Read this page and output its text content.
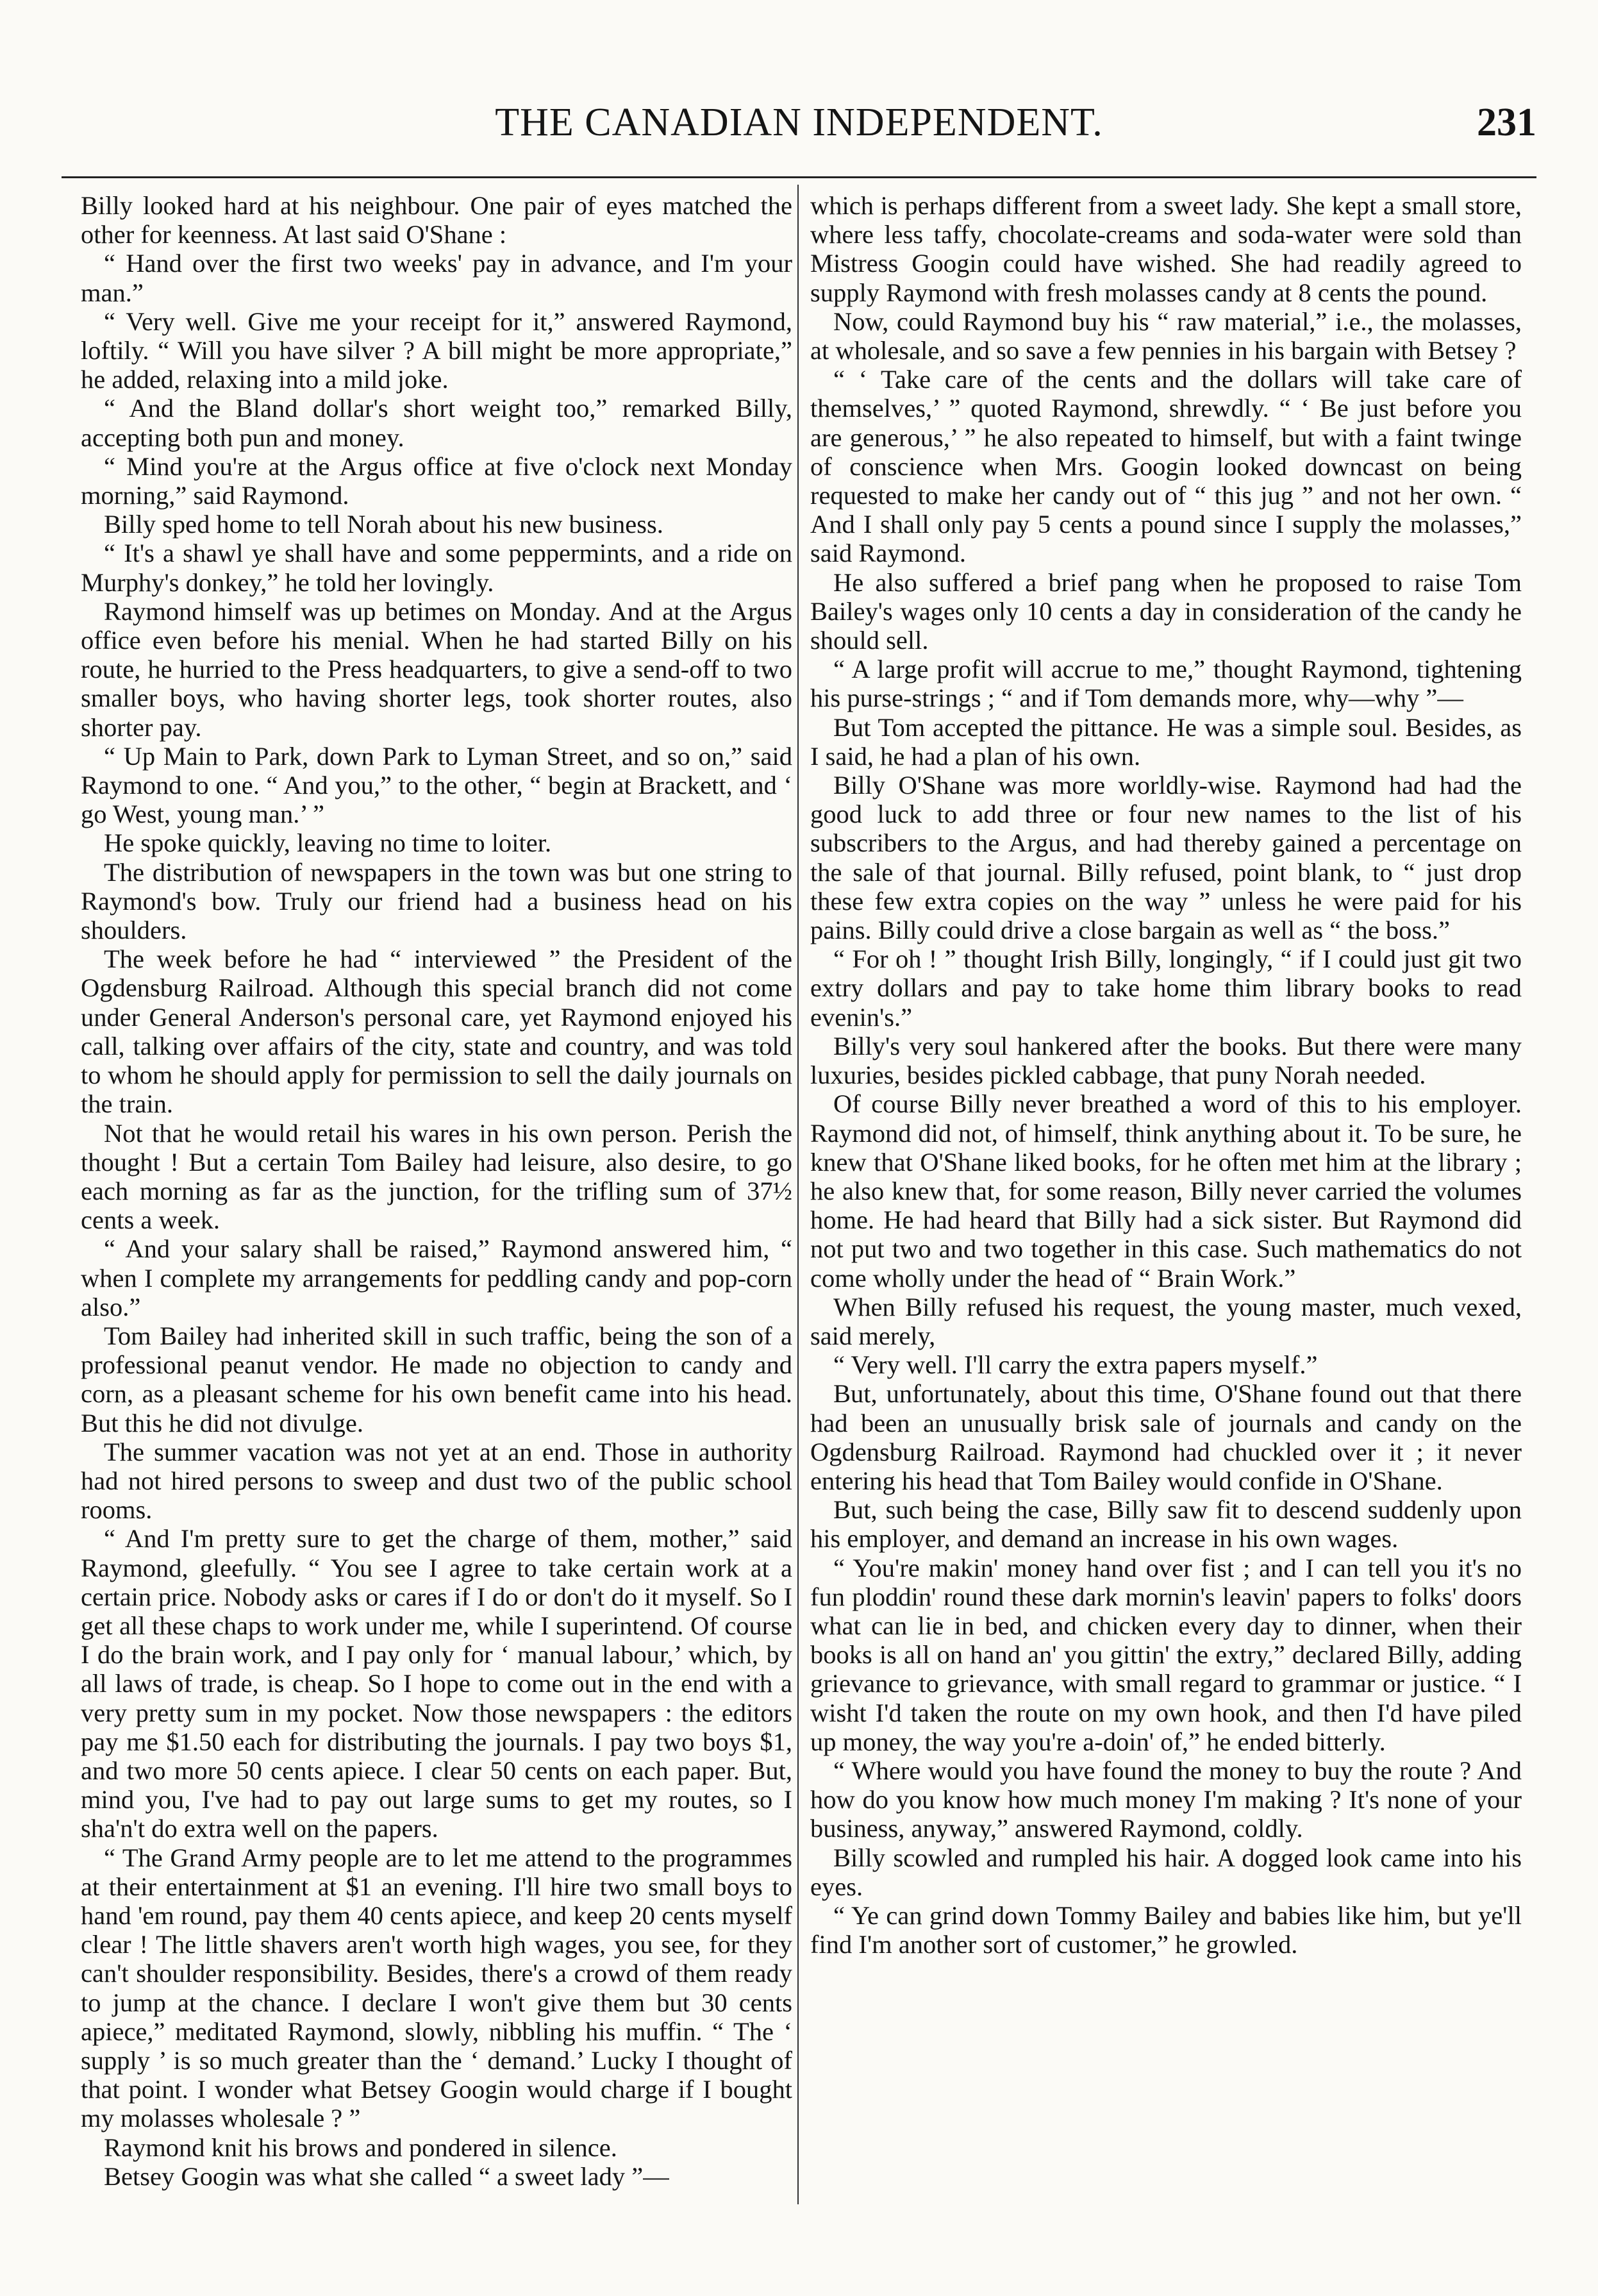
THE CANADIAN INDEPENDENT.	231

Billy looked hard at his neighbour. One pair of eyes matched the other for keenness. At last said O'Shane :

“ Hand over the first two weeks' pay in advance, and I'm your man.”

“ Very well. Give me your receipt for it,” answered Raymond, loftily. “ Will you have silver ? A bill might be more appropriate,” he added, relaxing into a mild joke.

“ And the Bland dollar's short weight too,” remarked Billy, accepting both pun and money.

“ Mind you're at the Argus office at five o'clock next Monday morning,” said Raymond.

Billy sped home to tell Norah about his new business.

“ It's a shawl ye shall have and some peppermints, and a ride on Murphy's donkey,” he told her lovingly.

Raymond himself was up betimes on Monday. And at the Argus office even before his menial. When he had started Billy on his route, he hurried to the Press headquarters, to give a send-off to two smaller boys, who having shorter legs, took shorter routes, also shorter pay.

“ Up Main to Park, down Park to Lyman Street, and so on,” said Raymond to one. “ And you,” to the other, “ begin at Brackett, and ‘ go West, young man.’ ”

He spoke quickly, leaving no time to loiter.

The distribution of newspapers in the town was but one string to Raymond's bow. Truly our friend had a business head on his shoulders.

The week before he had “ interviewed ” the President of the Ogdensburg Railroad. Although this special branch did not come under General Anderson's personal care, yet Raymond enjoyed his call, talking over affairs of the city, state and country, and was told to whom he should apply for permission to sell the daily journals on the train.

Not that he would retail his wares in his own person. Perish the thought ! But a certain Tom Bailey had leisure, also desire, to go each morning as far as the junction, for the trifling sum of 37½ cents a week.

“ And your salary shall be raised,” Raymond answered him, “ when I complete my arrangements for peddling candy and pop-corn also.”

Tom Bailey had inherited skill in such traffic, being the son of a professional peanut vendor. He made no objection to candy and corn, as a pleasant scheme for his own benefit came into his head. But this he did not divulge.

The summer vacation was not yet at an end. Those in authority had not hired persons to sweep and dust two of the public school rooms.

“ And I'm pretty sure to get the charge of them, mother,” said Raymond, gleefully. “ You see I agree to take certain work at a certain price. Nobody asks or cares if I do or don't do it myself. So I get all these chaps to work under me, while I superintend. Of course I do the brain work, and I pay only for ‘ manual labour,’ which, by all laws of trade, is cheap. So I hope to come out in the end with a very pretty sum in my pocket. Now those newspapers : the editors pay me $1.50 each for distributing the journals. I pay two boys $1, and two more 50 cents apiece. I clear 50 cents on each paper. But, mind you, I've had to pay out large sums to get my routes, so I sha'n't do extra well on the papers.

“ The Grand Army people are to let me attend to the programmes at their entertainment at $1 an evening. I'll hire two small boys to hand 'em round, pay them 40 cents apiece, and keep 20 cents myself clear ! The little shavers aren't worth high wages, you see, for they can't shoulder responsibility. Besides, there's a crowd of them ready to jump at the chance. I declare I won't give them but 30 cents apiece,” meditated Raymond, slowly, nibbling his muffin. “ The ‘ supply ’ is so much greater than the ‘ demand.’ Lucky I thought of that point. I wonder what Betsey Googin would charge if I bought my molasses wholesale ? ”

Raymond knit his brows and pondered in silence.

Betsey Googin was what she called “ a sweet lady ”—

which is perhaps different from a sweet lady. She kept a small store, where less taffy, chocolate-creams and soda-water were sold than Mistress Googin could have wished. She had readily agreed to supply Raymond with fresh molasses candy at 8 cents the pound.

Now, could Raymond buy his “ raw material,” i.e., the molasses, at wholesale, and so save a few pennies in his bargain with Betsey ?

“ ‘ Take care of the cents and the dollars will take care of themselves,’ ” quoted Raymond, shrewdly. “ ‘ Be just before you are generous,’ ” he also repeated to himself, but with a faint twinge of conscience when Mrs. Googin looked downcast on being requested to make her candy out of “ this jug ” and not her own. “ And I shall only pay 5 cents a pound since I supply the molasses,” said Raymond.

He also suffered a brief pang when he proposed to raise Tom Bailey's wages only 10 cents a day in consideration of the candy he should sell.

“ A large profit will accrue to me,” thought Raymond, tightening his purse-strings ; “ and if Tom demands more, why—why ”—

But Tom accepted the pittance. He was a simple soul. Besides, as I said, he had a plan of his own.

Billy O'Shane was more worldly-wise. Raymond had had the good luck to add three or four new names to the list of his subscribers to the Argus, and had thereby gained a percentage on the sale of that journal. Billy refused, point blank, to “ just drop these few extra copies on the way ” unless he were paid for his pains. Billy could drive a close bargain as well as “ the boss.”

“ For oh ! ” thought Irish Billy, longingly, “ if I could just git two extry dollars and pay to take home thim library books to read evenin's.”

Billy's very soul hankered after the books. But there were many luxuries, besides pickled cabbage, that puny Norah needed.

Of course Billy never breathed a word of this to his employer. Raymond did not, of himself, think anything about it. To be sure, he knew that O'Shane liked books, for he often met him at the library ; he also knew that, for some reason, Billy never carried the volumes home. He had heard that Billy had a sick sister. But Raymond did not put two and two together in this case. Such mathematics do not come wholly under the head of “ Brain Work.”

When Billy refused his request, the young master, much vexed, said merely,

“ Very well. I'll carry the extra papers myself.”

But, unfortunately, about this time, O'Shane found out that there had been an unusually brisk sale of journals and candy on the Ogdensburg Railroad. Raymond had chuckled over it ; it never entering his head that Tom Bailey would confide in O'Shane.

But, such being the case, Billy saw fit to descend suddenly upon his employer, and demand an increase in his own wages.

“ You're makin' money hand over fist ; and I can tell you it's no fun ploddin' round these dark mornin's leavin' papers to folks' doors what can lie in bed, and chicken every day to dinner, when their books is all on hand an' you gittin' the extry,” declared Billy, adding grievance to grievance, with small regard to grammar or justice. “ I wisht I'd taken the route on my own hook, and then I'd have piled up money, the way you're a-doin' of,” he ended bitterly.

“ Where would you have found the money to buy the route ? And how do you know how much money I'm making ? It's none of your business, anyway,” answered Raymond, coldly.

Billy scowled and rumpled his hair. A dogged look came into his eyes.

“ Ye can grind down Tommy Bailey and babies like him, but ye'll find I'm another sort of customer,” he growled.
